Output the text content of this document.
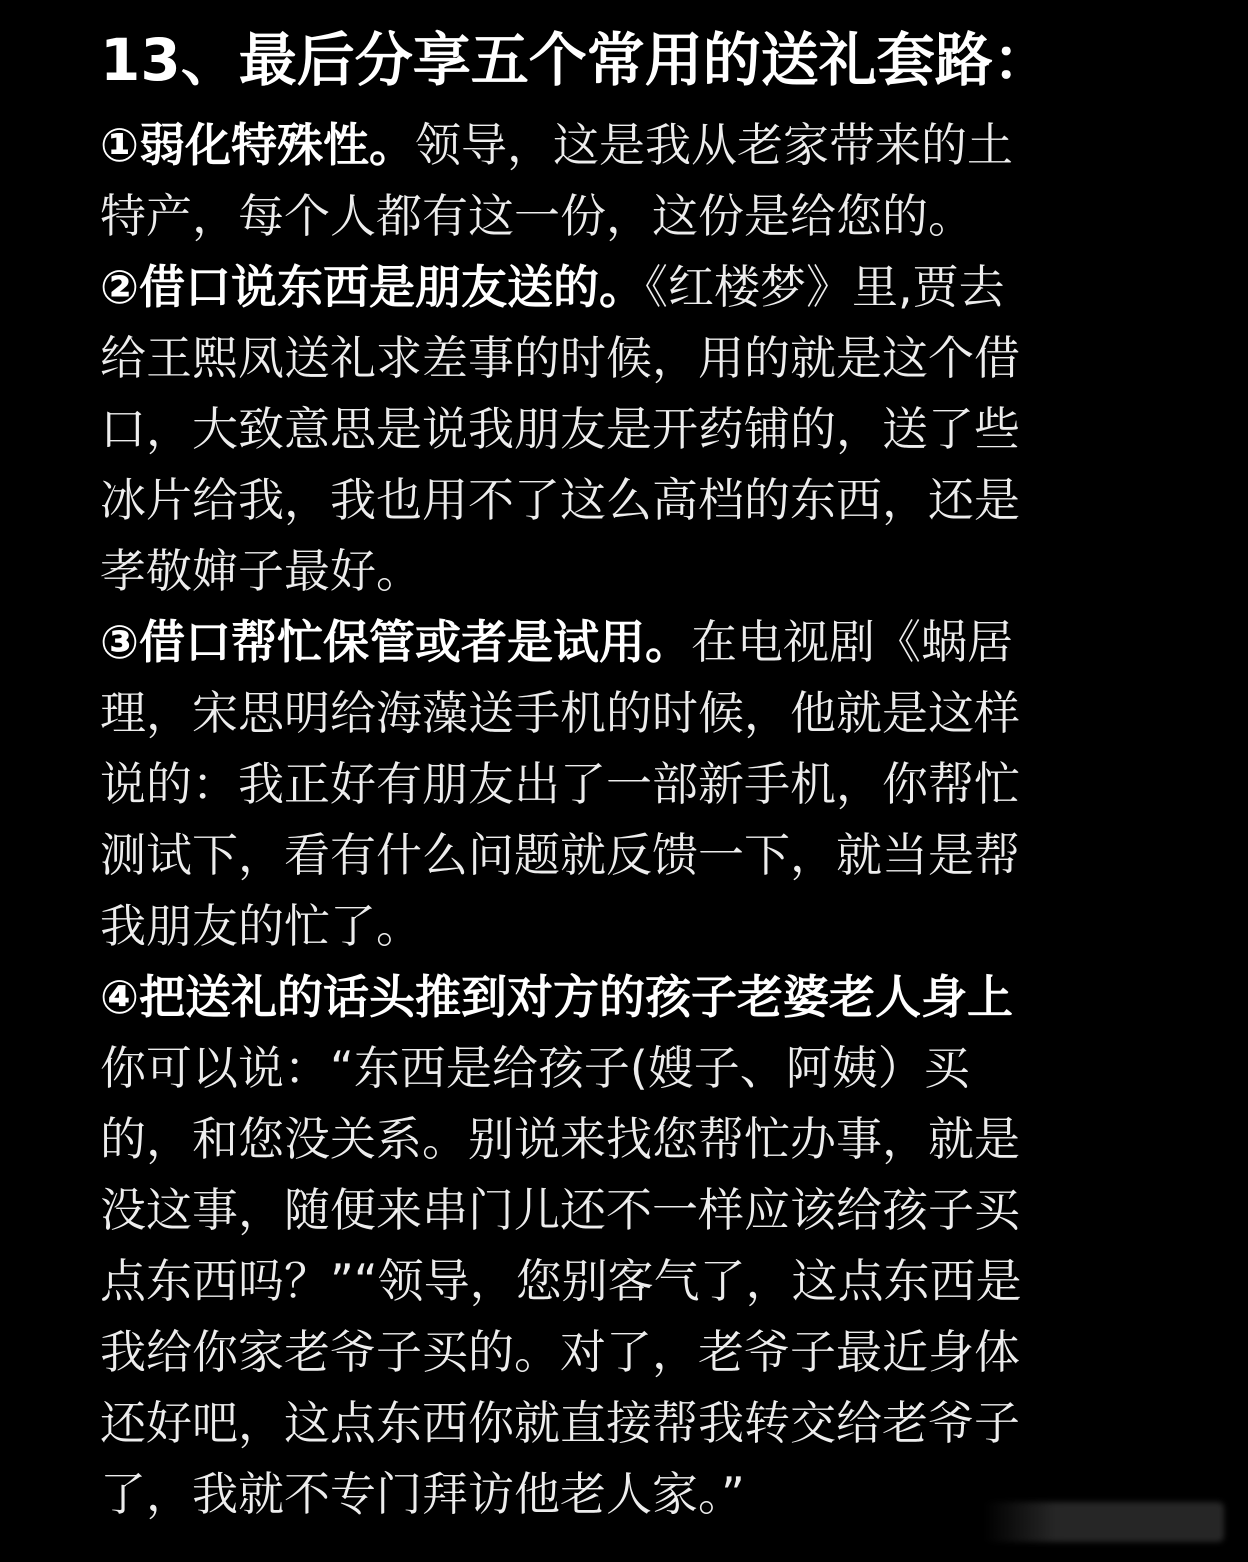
13、最后分享五个常用的送礼套路：
①弱化特殊性。领导，这是我从老家带来的土
特产，每个人都有这一份，这份是给您的。
②借口说东西是朋友送的。《红楼梦》里,贾去
给王熙凤送礼求差事的时候，用的就是这个借
口，大致意思是说我朋友是开药铺的，送了些
冰片给我，我也用不了这么高档的东西，还是
孝敬婶子最好。
③借口帮忙保管或者是试用。在电视剧《蜗居
理，宋思明给海藻送手机的时候，他就是这样
说的：我正好有朋友出了一部新手机，你帮忙
测试下，看有什么问题就反馈一下，就当是帮
我朋友的忙了。
④把送礼的话头推到对方的孩子老婆老人身上
你可以说：“东西是给孩子(嫂子、阿姨）买
的，和您没关系。别说来找您帮忙办事，就是
没这事，随便来串门儿还不一样应该给孩子买
点东西吗？”“领导，您别客气了，这点东西是
我给你家老爷子买的。对了，老爷子最近身体
还好吧，这点东西你就直接帮我转交给老爷子
了，我就不专门拜访他老人家。”
